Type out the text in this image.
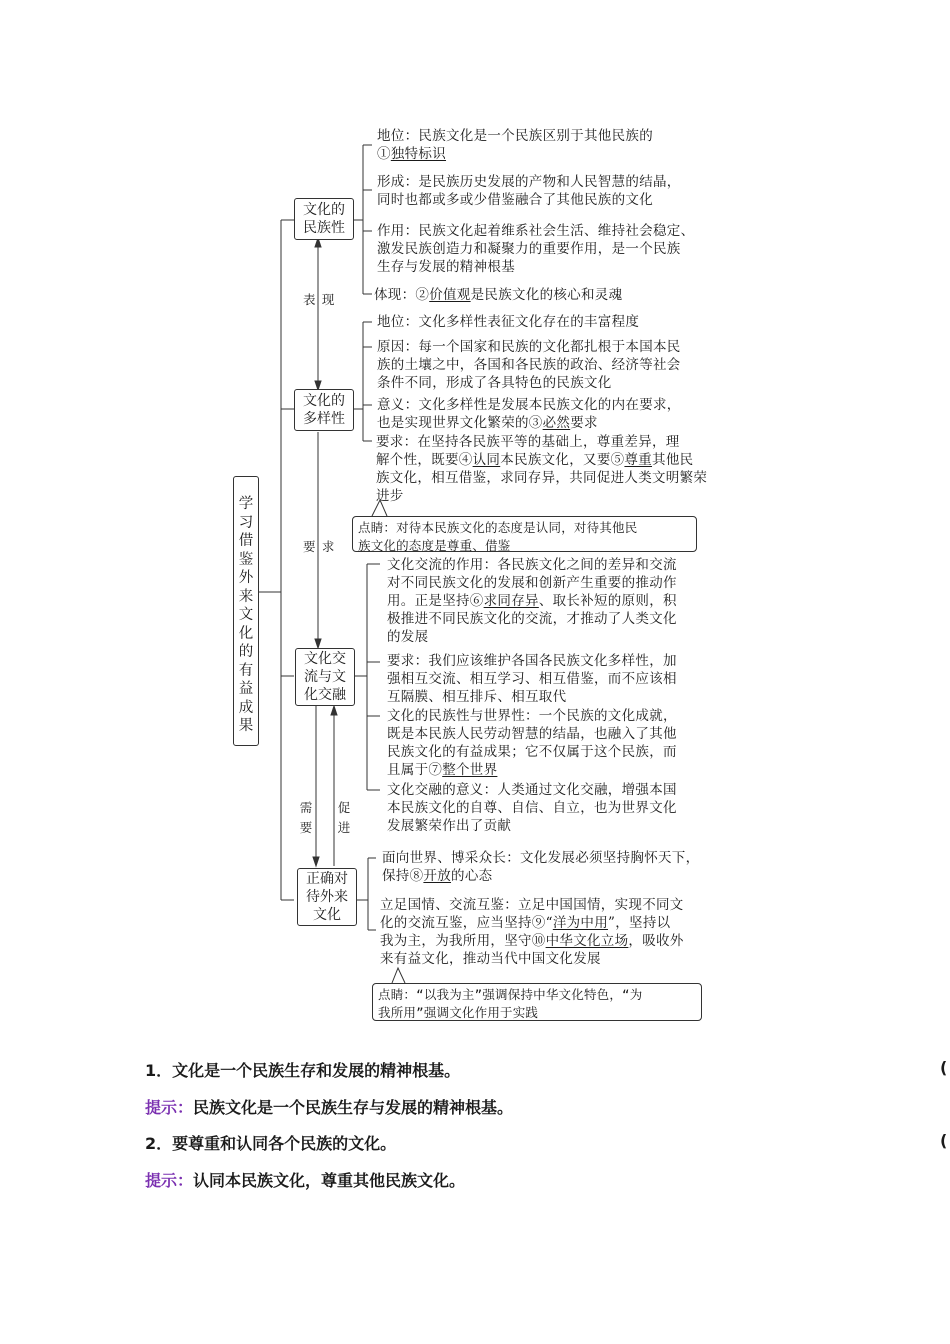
学
习
借
鉴
外
来
文
化
的
有
益
成
果
文化的
民族性
文化的
多样性
文化交
流与文
化交融
正确对
待外来
文化
表 现
要 求
需
要
促
进
地位：民族文化是一个民族区别于其他民族的
①独特标识
形成：是民族历史发展的产物和人民智慧的结晶，
同时也都或多或少借鉴融合了其他民族的文化
作用：民族文化起着维系社会生活、维持社会稳定、
激发民族创造力和凝聚力的重要作用，是一个民族
生存与发展的精神根基
体现：②价值观是民族文化的核心和灵魂
地位：文化多样性表征文化存在的丰富程度
原因：每一个国家和民族的文化都扎根于本国本民
族的土壤之中，各国和各民族的政治、经济等社会
条件不同，形成了各具特色的民族文化
意义：文化多样性是发展本民族文化的内在要求，
也是实现世界文化繁荣的③必然要求
要求：在坚持各民族平等的基础上，尊重差异，理
解个性，既要④认同本民族文化，又要⑤尊重其他民
族文化，相互借鉴，求同存异，共同促进人类文明繁荣
进步
点睛：对待本民族文化的态度是认同，对待其他民
族文化的态度是尊重、借鉴
文化交流的作用：各民族文化之间的差异和交流
对不同民族文化的发展和创新产生重要的推动作
用。正是坚持⑥求同存异、取长补短的原则，积
极推进不同民族文化的交流，才推动了人类文化
的发展
要求：我们应该维护各国各民族文化多样性，加
强相互交流、相互学习、相互借鉴，而不应该相
互隔膜、相互排斥、相互取代
文化的民族性与世界性：一个民族的文化成就，
既是本民族人民劳动智慧的结晶，也融入了其他
民族文化的有益成果；它不仅属于这个民族，而
且属于⑦整个世界
文化交融的意义：人类通过文化交融，增强本国
本民族文化的自尊、自信、自立，也为世界文化
发展繁荣作出了贡献
面向世界、博采众长：文化发展必须坚持胸怀天下，
保持⑧开放的心态
立足国情、交流互鉴：立足中国国情，实现不同文
化的交流互鉴，应当坚持⑨“洋为中用”，坚持以
我为主，为我所用，坚守⑩中华文化立场，吸收外
来有益文化，推动当代中国文化发展
点睛：“以我为主”强调保持中华文化特色，“为
我所用”强调文化作用于实践
1．文化是一个民族生存和发展的精神根基。	(
提示：民族文化是一个民族生存与发展的精神根基。
2．要尊重和认同各个民族的文化。	(
提示：认同本民族文化，尊重其他民族文化。
